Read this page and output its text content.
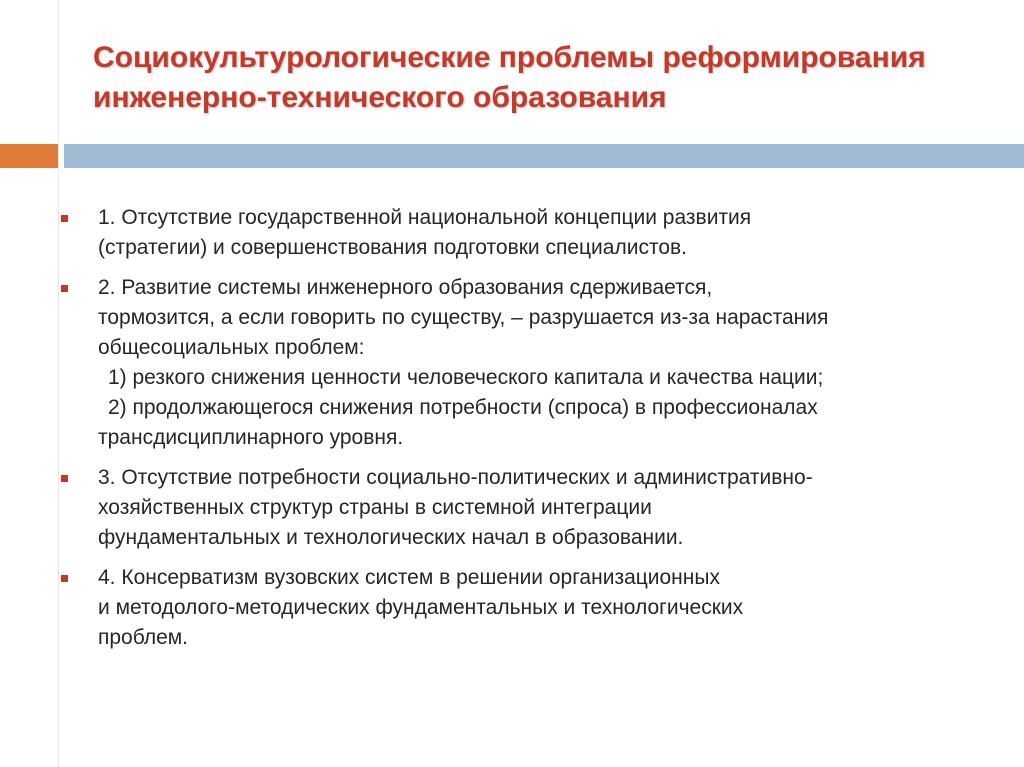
Социокультурологические проблемы реформирования
инженерно-технического образования
1. Отсутствие государственной национальной концепции развития
(стратегии) и совершенствования подготовки специалистов.
2. Развитие системы инженерного образования сдерживается,
тормозится, а если говорить по существу, – разрушается из-за нарастания
общесоциальных проблем:
1) резкого снижения ценности человеческого капитала и качества нации;
2) продолжающегося снижения потребности (спроса) в профессионалах
трансдисциплинарного уровня.
3. Отсутствие потребности социально-политических и административно-
хозяйственных структур страны в системной интеграции
фундаментальных и технологических начал в образовании.
4. Консерватизм вузовских систем в решении организационных
и методолого-методических фундаментальных и технологических
проблем.
